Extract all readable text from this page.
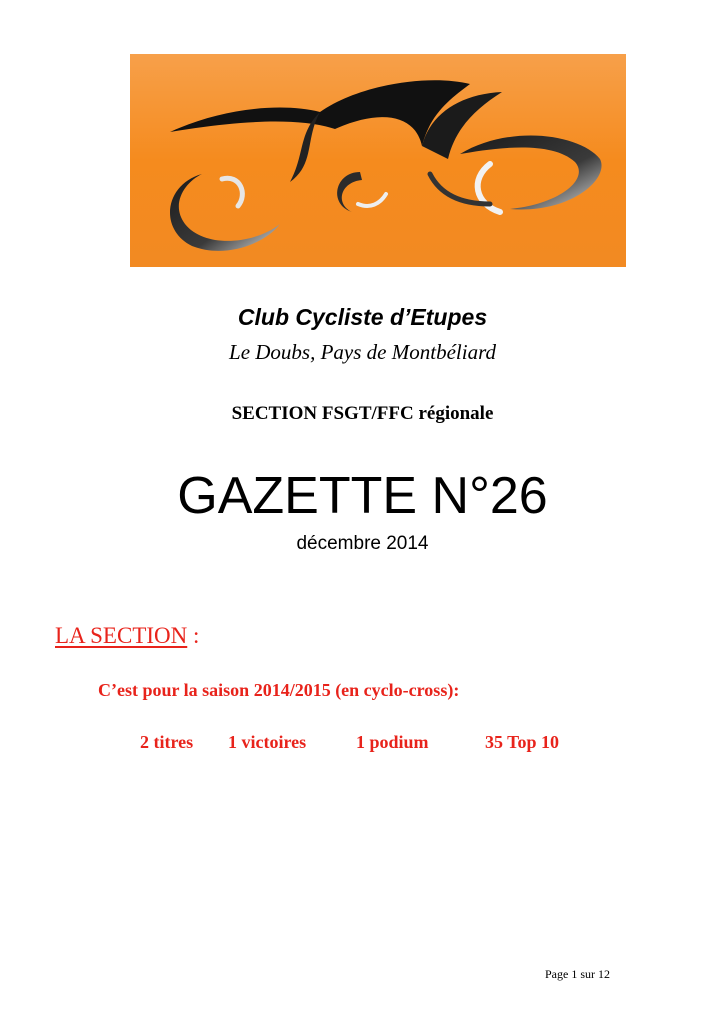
Club Cycliste d’Etupes
Le Doubs, Pays de Montbéliard
SECTION FSGT/FFC régionale
GAZETTE N°26
décembre 2014
LA SECTION :
C’est pour la saison 2014/2015 (en cyclo-cross):
2 titres 1 victoires	1 podium	35 Top 10
Page 1 sur 12
